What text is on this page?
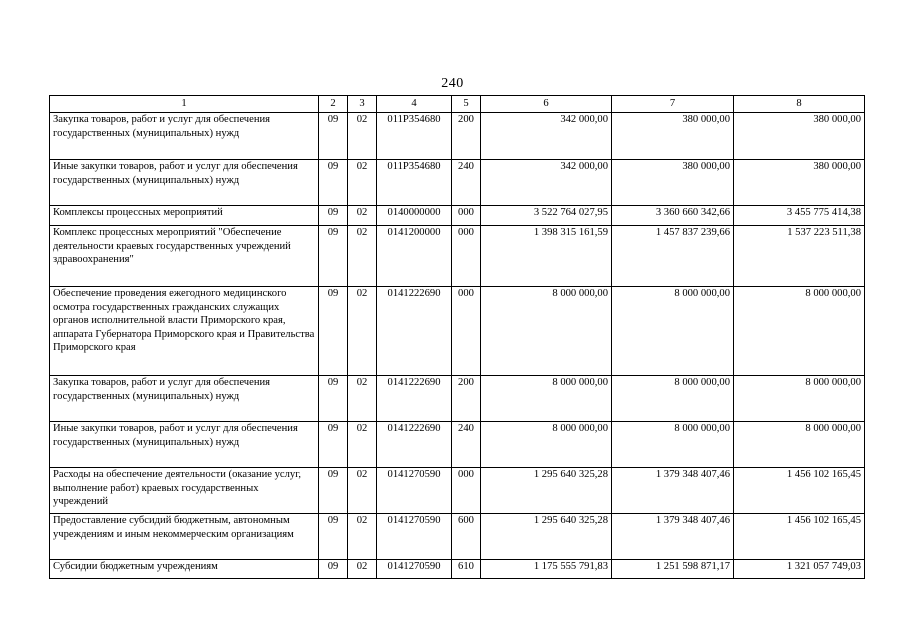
240
1	2	3	4	5	6	7	8
Закупка товаров, работ и услуг для обеспечения государственных (муниципальных) нужд	09	02	011Р354680	200	342 000,00	380 000,00	380 000,00
Иные закупки товаров, работ и услуг для обеспечения государственных (муниципальных) нужд	09	02	011Р354680	240	342 000,00	380 000,00	380 000,00
Комплексы процессных мероприятий	09	02	0140000000	000	3 522 764 027,95	3 360 660 342,66	3 455 775 414,38
Комплекс процессных мероприятий "Обеспечение деятельности краевых государственных учреждений здравоохранения"	09	02	0141200000	000	1 398 315 161,59	1 457 837 239,66	1 537 223 511,38
Обеспечение проведения ежегодного медицинского осмотра государственных гражданских служащих органов исполнительной власти Приморского края, аппарата Губернатора Приморского края и Правительства Приморского края	09	02	0141222690	000	8 000 000,00	8 000 000,00	8 000 000,00
Закупка товаров, работ и услуг для обеспечения государственных (муниципальных) нужд	09	02	0141222690	200	8 000 000,00	8 000 000,00	8 000 000,00
Иные закупки товаров, работ и услуг для обеспечения государственных (муниципальных) нужд	09	02	0141222690	240	8 000 000,00	8 000 000,00	8 000 000,00
Расходы на обеспечение деятельности (оказание услуг, выполнение работ) краевых государственных учреждений	09	02	0141270590	000	1 295 640 325,28	1 379 348 407,46	1 456 102 165,45
Предоставление субсидий бюджетным, автономным учреждениям и иным некоммерческим организациям	09	02	0141270590	600	1 295 640 325,28	1 379 348 407,46	1 456 102 165,45
Субсидии бюджетным учреждениям	09	02	0141270590	610	1 175 555 791,83	1 251 598 871,17	1 321 057 749,03
